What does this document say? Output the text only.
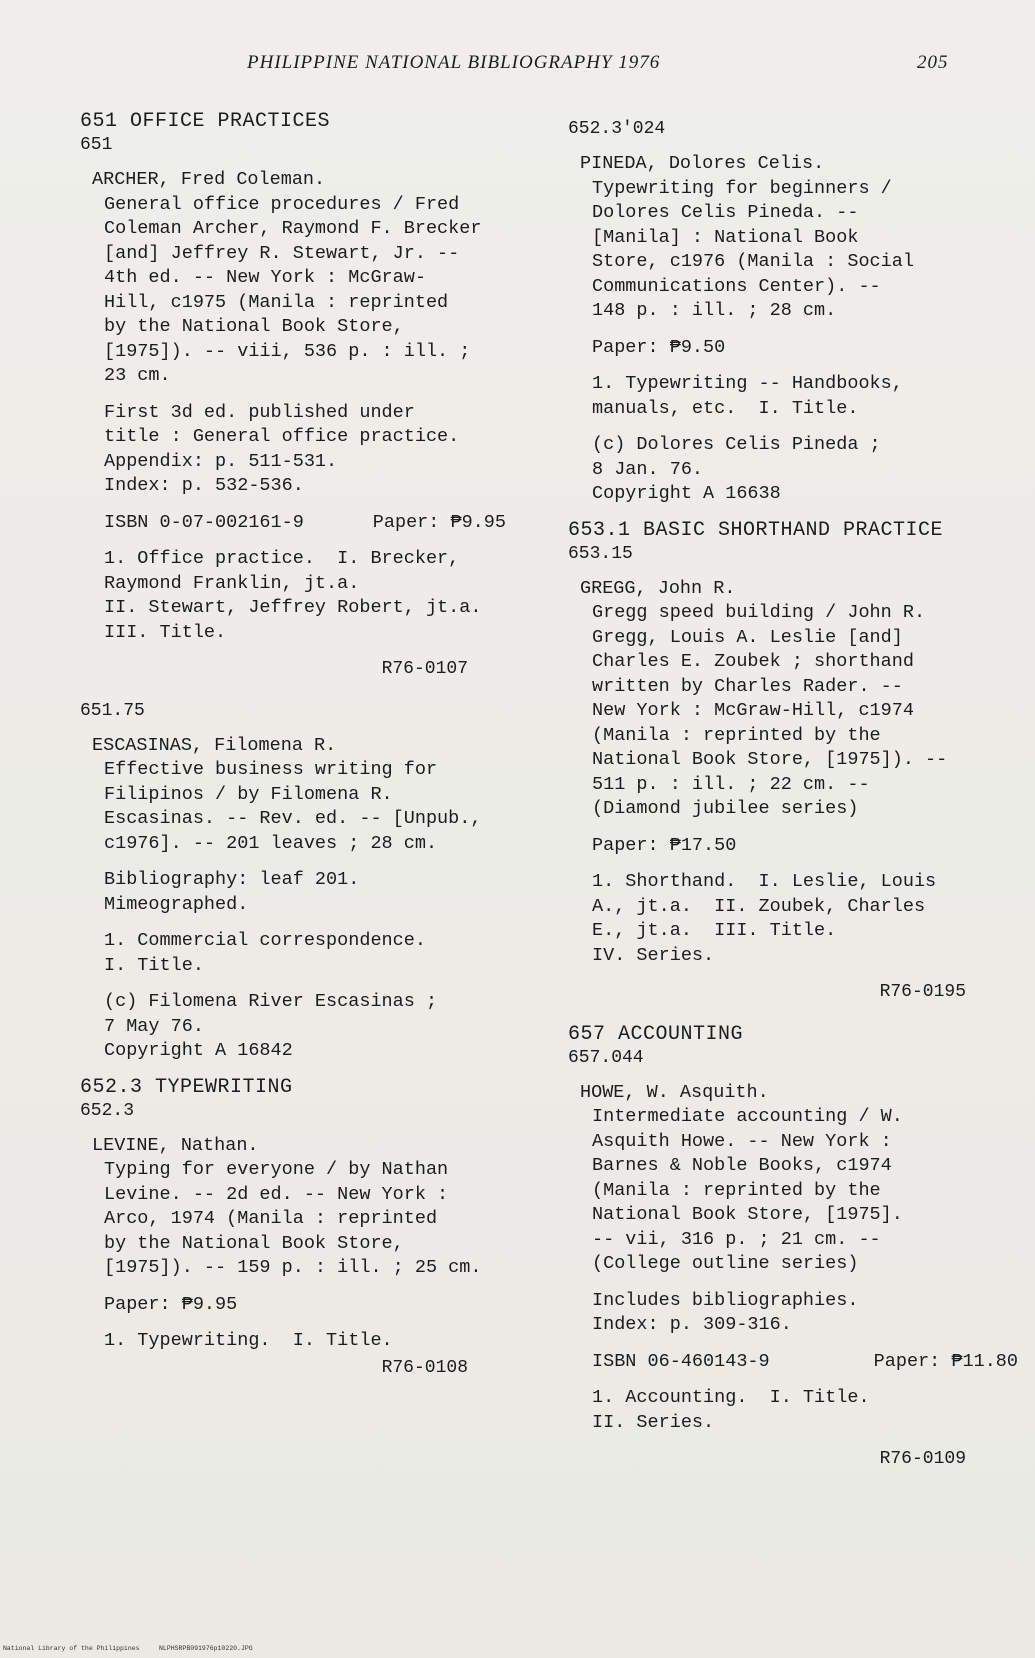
PHILIPPINE NATIONAL BIBLIOGRAPHY 1976	205
651 OFFICE PRACTICES
651

ARCHER, Fred Coleman.

General office procedures / Fred
Coleman Archer, Raymond F. Brecker
[and] Jeffrey R. Stewart, Jr. --
4th ed. -- New York : McGraw-
Hill, c1975 (Manila : reprinted
by the National Book Store,
[1975]). -- viii, 536 p. : ill. ;
23 cm.

First 3d ed. published under
title : General office practice.
Appendix: p. 511-531.
Index: p. 532-536.

ISBN 0-07-002161-9	Paper: ₱9.95

1. Office practice.  I. Brecker,
Raymond Franklin, jt.a.
II. Stewart, Jeffrey Robert, jt.a.
III. Title.

R76-0107
651.75

ESCASINAS, Filomena R.

Effective business writing for
Filipinos / by Filomena R.
Escasinas. -- Rev. ed. -- [Unpub.,
c1976]. -- 201 leaves ; 28 cm.

Bibliography: leaf 201.
Mimeographed.

1. Commercial correspondence.
I. Title.

(c) Filomena River Escasinas ;
7 May 76.
Copyright A 16842

652.3 TYPEWRITING
652.3

LEVINE, Nathan.

Typing for everyone / by Nathan
Levine. -- 2d ed. -- New York :
Arco, 1974 (Manila : reprinted
by the National Book Store,
[1975]). -- 159 p. : ill. ; 25 cm.

Paper: ₱9.95

1. Typewriting.  I. Title.

R76-0108
652.3'024

PINEDA, Dolores Celis.

Typewriting for beginners /
Dolores Celis Pineda. --
[Manila] : National Book
Store, c1976 (Manila : Social
Communications Center). --
148 p. : ill. ; 28 cm.

Paper: ₱9.50

1. Typewriting -- Handbooks,
manuals, etc.  I. Title.

(c) Dolores Celis Pineda ;
8 Jan. 76.
Copyright A 16638

653.1 BASIC SHORTHAND PRACTICE
653.15

GREGG, John R.

Gregg speed building / John R.
Gregg, Louis A. Leslie [and]
Charles E. Zoubek ; shorthand
written by Charles Rader. --
New York : McGraw-Hill, c1974
(Manila : reprinted by the
National Book Store, [1975]). --
511 p. : ill. ; 22 cm. --
(Diamond jubilee series)

Paper: ₱17.50

1. Shorthand.  I. Leslie, Louis
A., jt.a.  II. Zoubek, Charles
E., jt.a.  III. Title.
IV. Series.

R76-0195
657 ACCOUNTING
657.044

HOWE, W. Asquith.

Intermediate accounting / W.
Asquith Howe. -- New York :
Barnes & Noble Books, c1974
(Manila : reprinted by the
National Book Store, [1975].
-- vii, 316 p. ; 21 cm. --
(College outline series)

Includes bibliographies.
Index: p. 309-316.

ISBN 06-460143-9	Paper: ₱11.80

1. Accounting.  I. Title.
II. Series.

R76-0109
National Library of the Philippines     NLPHSRPB091976p10220.JPG
